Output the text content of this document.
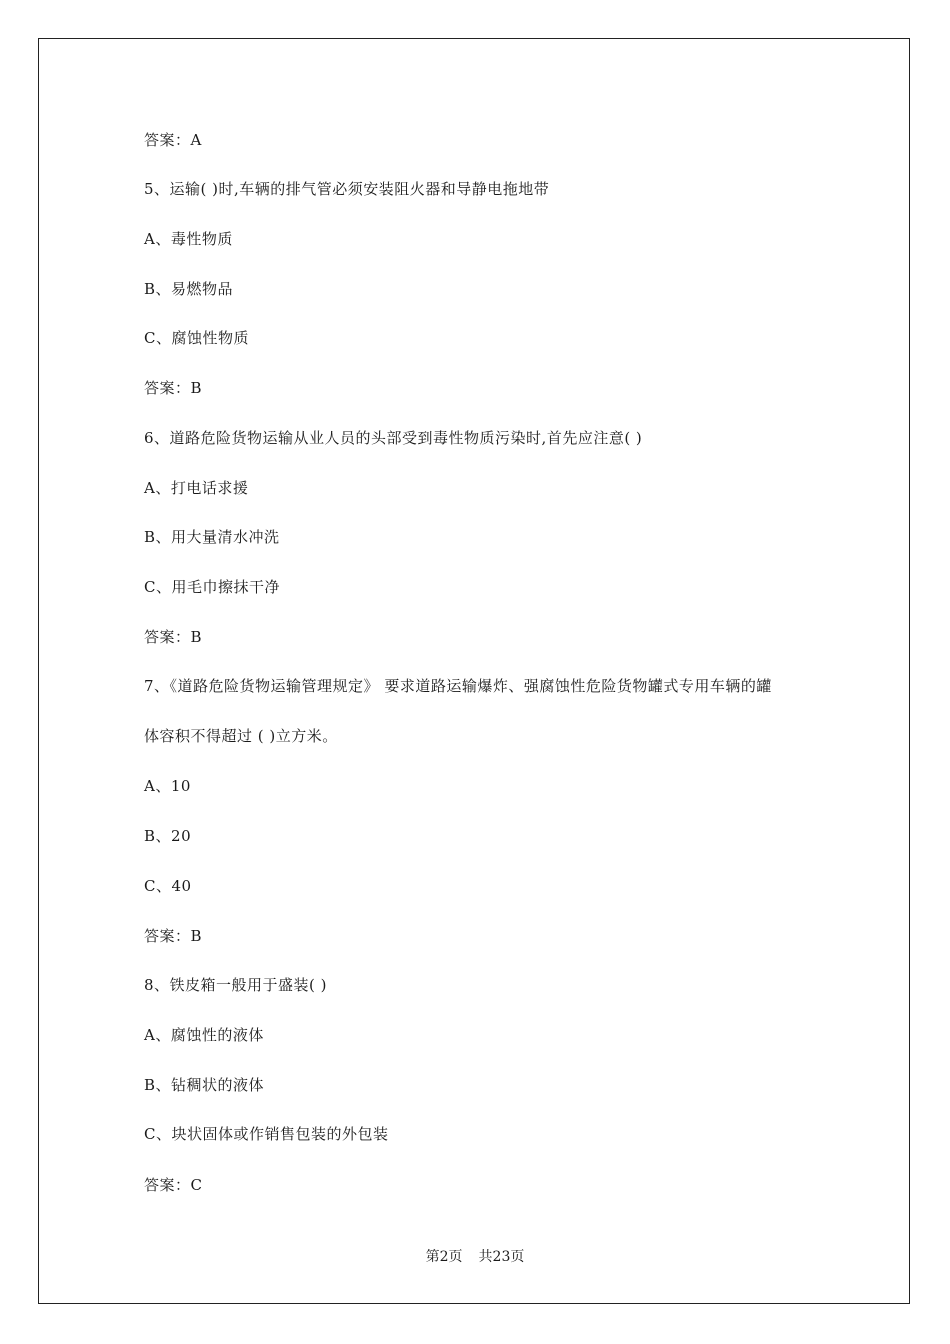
答案：A
5、运输( )时,车辆的排气管必须安装阻火器和导静电拖地带
A、毒性物质
B、易燃物品
C、腐蚀性物质
答案：B
6、道路危险货物运输从业人员的头部受到毒性物质污染时,首先应注意( )
A、打电话求援
B、用大量清水冲洗
C、用毛巾擦抹干净
答案：B
7、《道路危险货物运输管理规定》 要求道路运输爆炸、强腐蚀性危险货物罐式专用车辆的罐
体容积不得超过 ( )立方米。
A、10
B、20
C、40
答案：B
8、铁皮箱一般用于盛装( )
A、腐蚀性的液体
B、钻稠状的液体
C、块状固体或作销售包装的外包装
答案：C
第2页 共23页
